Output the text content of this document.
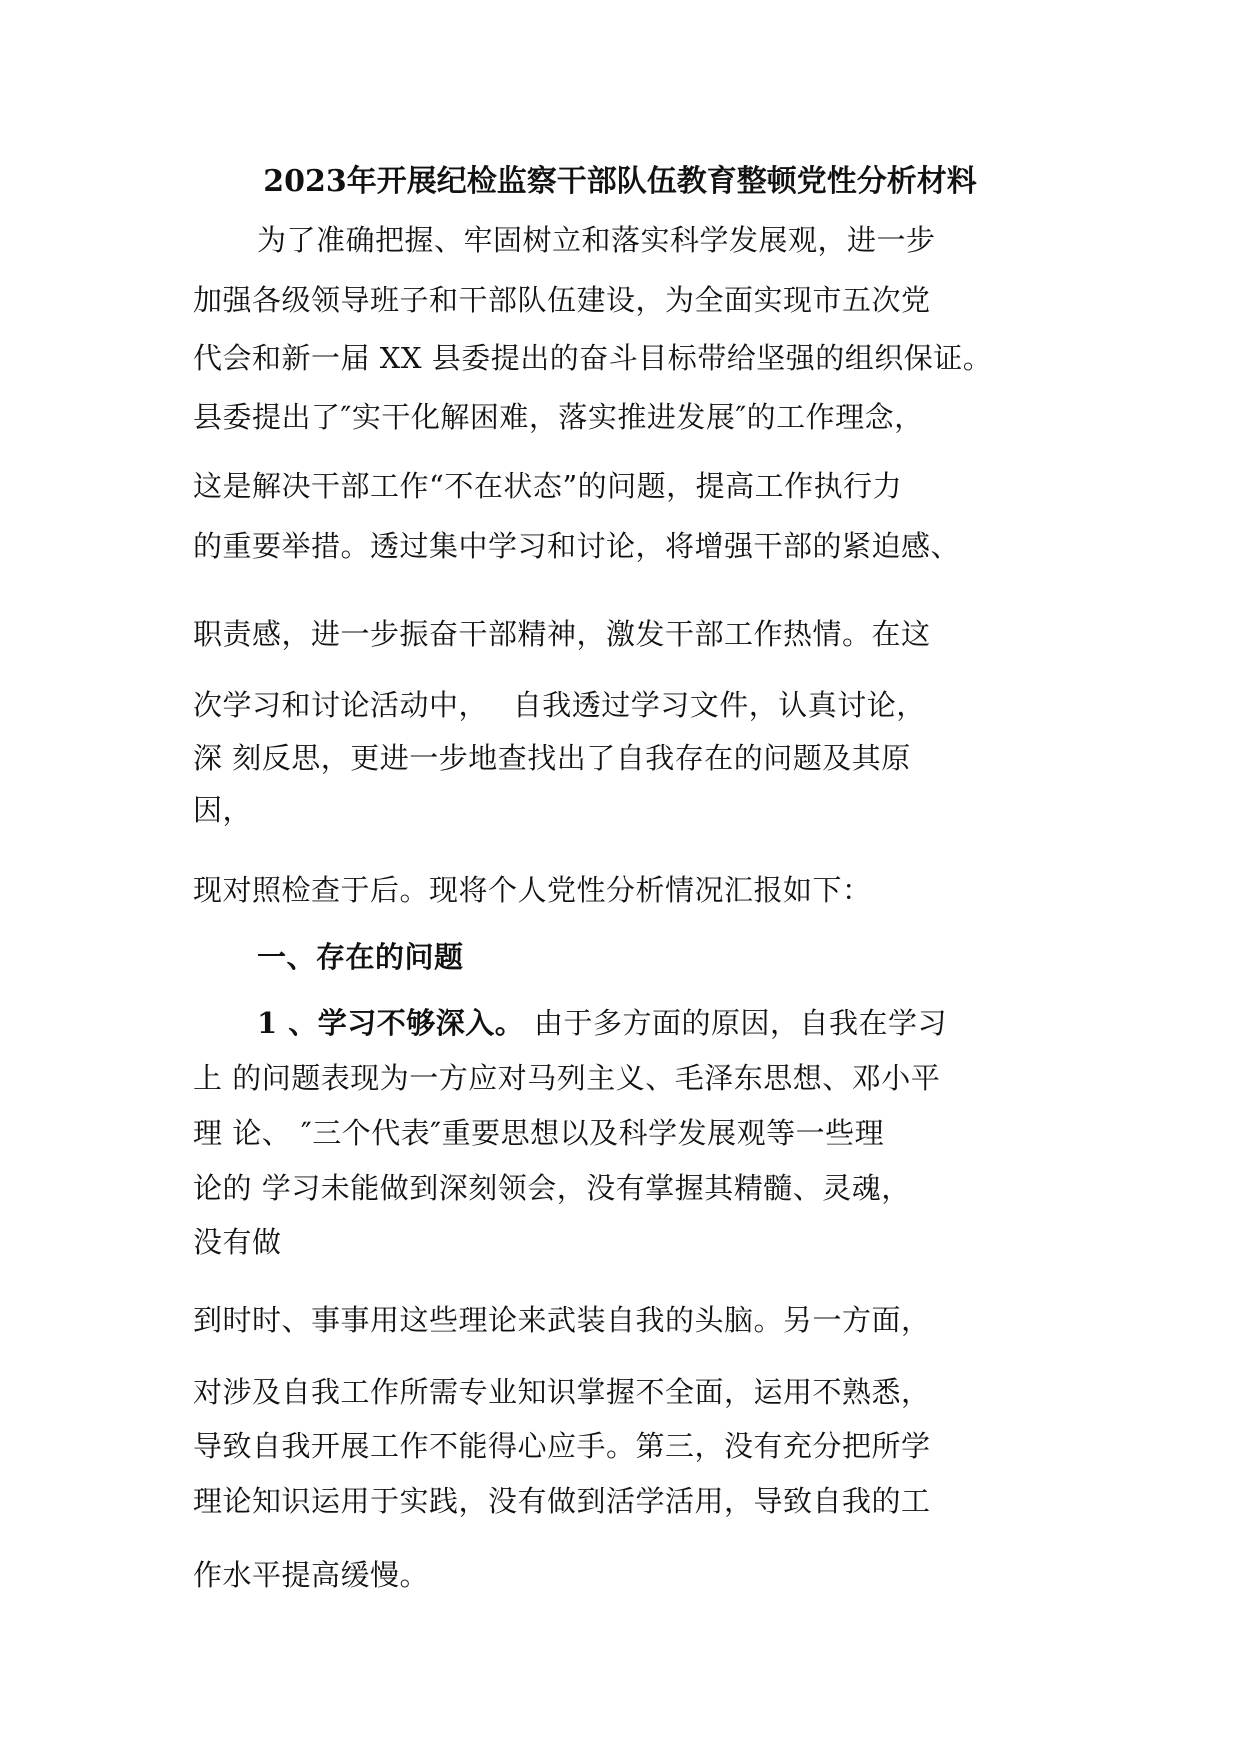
2023年开展纪检监察干部队伍教育整顿党性分析材料
为了准确把握、牢固树立和落实科学发展观，进一步
加强各级领导班子和干部队伍建设，为全面实现市五次党
代会和新一届 XX 县委提出的奋斗目标带给坚强的组织保证。
县委提出了″实干化解困难，落实推进发展″的工作理念，
这是解决干部工作“不在状态”的问题，提高工作执行力
的重要举措。透过集中学习和讨论，将增强干部的紧迫感、
职责感，进一步振奋干部精神，激发干部工作热情。在这
次学习和讨论活动中，　 自我透过学习文件，认真讨论，
深 刻反思，更进一步地查找出了自我存在的问题及其原
因，
现对照检查于后。现将个人党性分析情况汇报如下：
一、存在的问题
1 、学习不够深入。 由于多方面的原因，自我在学习
上 的问题表现为一方应对马列主义、毛泽东思想、邓小平
理 论、 ″三个代表″重要思想以及科学发展观等一些理
论的 学习未能做到深刻领会，没有掌握其精髓、灵魂，
没有做
到时时、事事用这些理论来武装自我的头脑。另一方面，
对涉及自我工作所需专业知识掌握不全面，运用不熟悉，
导致自我开展工作不能得心应手。第三，没有充分把所学
理论知识运用于实践，没有做到活学活用，导致自我的工
作水平提高缓慢。
